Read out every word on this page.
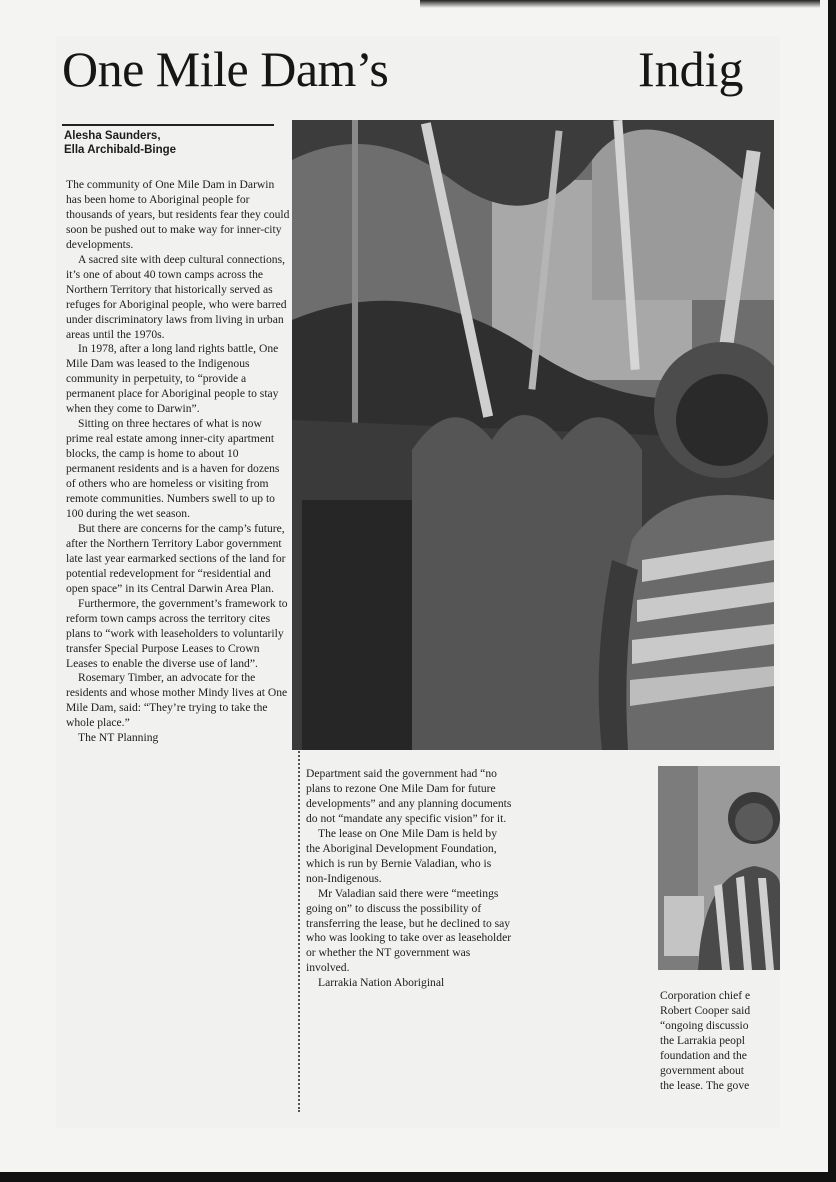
One Mile Dam’s	Indig
Alesha Saunders,
Ella Archibald-Binge

The community of One Mile Dam in Darwin has been home to Aboriginal people for thousands of years, but residents fear they could soon be pushed out to make way for inner-city developments.

A sacred site with deep cultural connections, it’s one of about 40 town camps across the Northern Territory that historically served as refuges for Aboriginal people, who were barred under discriminatory laws from living in urban areas until the 1970s.

In 1978, after a long land rights battle, One Mile Dam was leased to the Indigenous community in perpetuity, to “provide a permanent place for Aboriginal people to stay when they come to Darwin”.

Sitting on three hectares of what is now prime real estate among inner-city apartment blocks, the camp is home to about 10 permanent residents and is a haven for dozens of others who are homeless or visiting from remote communities. Numbers swell to up to 100 during the wet season.

But there are concerns for the camp’s future, after the Northern Territory Labor government late last year earmarked sections of the land for potential redevelopment for “residential and open space” in its Central Darwin Area Plan.

Furthermore, the government’s framework to reform town camps across the territory cites plans to “work with leaseholders to voluntarily transfer Special Purpose Leases to Crown Leases to enable the diverse use of land”.

Rosemary Timber, an advocate for the residents and whose mother Mindy lives at One Mile Dam, said: “They’re trying to take the whole place.”

The NT Planning

Department said the government had “no plans to rezone One Mile Dam for future developments” and any planning documents do not “mandate any specific vision” for it.

The lease on One Mile Dam is held by the Aboriginal Development Foundation, which is run by Bernie Valadian, who is non-Indigenous.

Mr Valadian said there were “meetings going on” to discuss the possibility of transferring the lease, but he declined to say who was looking to take over as leaseholder or whether the NT government was involved.

Larrakia Nation Aboriginal

Corporation chief e
Robert Cooper said
“ongoing discussio
the Larrakia peopl
foundation and the
government about
the lease. The gove
